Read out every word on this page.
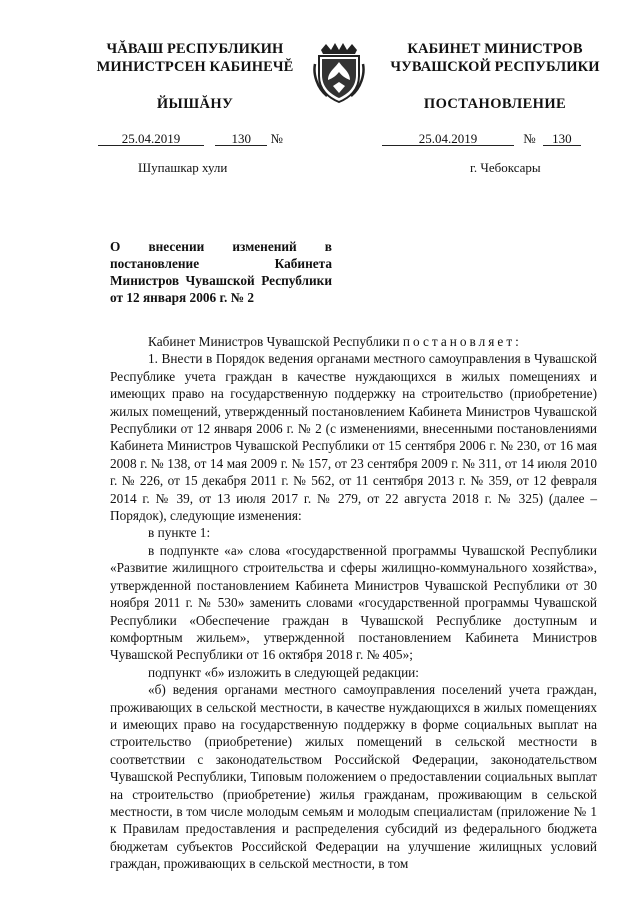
ЧĂВАШ РЕСПУБЛИКИН
МИНИСТРСЕН КАБИНЕЧĔ
ЙЫШĂНУ
КАБИНЕТ МИНИСТРОВ
ЧУВАШСКОЙ РЕСПУБЛИКИ
ПОСТАНОВЛЕНИЕ
25.04.2019	130 №	25.04.2019	№ 130
Шупашкар хули	г. Чебоксары
О внесении изменений в постановление Кабинета Министров Чувашской Республики от 12 января 2006 г. № 2

Кабинет Министров Чувашской Республики постановляет:

1. Внести в Порядок ведения органами местного самоуправления в Чувашской Республике учета граждан в качестве нуждающихся в жилых помещениях и имеющих право на государственную поддержку на строительство (приобретение) жилых помещений, утвержденный постановлением Кабинета Министров Чувашской Республики от 12 января 2006 г. № 2 (с изменениями, внесенными постановлениями Кабинета Министров Чувашской Республики от 15 сентября 2006 г. № 230, от 16 мая 2008 г. № 138, от 14 мая 2009 г. № 157, от 23 сентября 2009 г. № 311, от 14 июля 2010 г. № 226, от 15 декабря 2011 г. № 562, от 11 сентября 2013 г. № 359, от 12 февраля 2014 г. № 39, от 13 июля 2017 г. № 279, от 22 августа 2018 г. № 325) (далее – Порядок), следующие изменения:

в пункте 1:

в подпункте «а» слова «государственной программы Чувашской Республики «Развитие жилищного строительства и сферы жилищно-коммунального хозяйства», утвержденной постановлением Кабинета Министров Чувашской Республики от 30 ноября 2011 г. № 530» заменить словами «государственной программы Чувашской Республики «Обеспечение граждан в Чувашской Республике доступным и комфортным жильем», утвержденной постановлением Кабинета Министров Чувашской Республики от 16 октября 2018 г. № 405»;

подпункт «б» изложить в следующей редакции:

«б) ведения органами местного самоуправления поселений учета граждан, проживающих в сельской местности, в качестве нуждающихся в жилых помещениях и имеющих право на государственную поддержку в форме социальных выплат на строительство (приобретение) жилых помещений в сельской местности в соответствии с законодательством Российской Федерации, законодательством Чувашской Республики, Типовым положением о предоставлении социальных выплат на строительство (приобретение) жилья гражданам, проживающим в сельской местности, в том числе молодым семьям и молодым специалистам (приложение № 1 к Правилам предоставления и распределения субсидий из федерального бюджета бюджетам субъектов Российской Федерации на улучшение жилищных условий граждан, проживающих в сельской местности, в том
